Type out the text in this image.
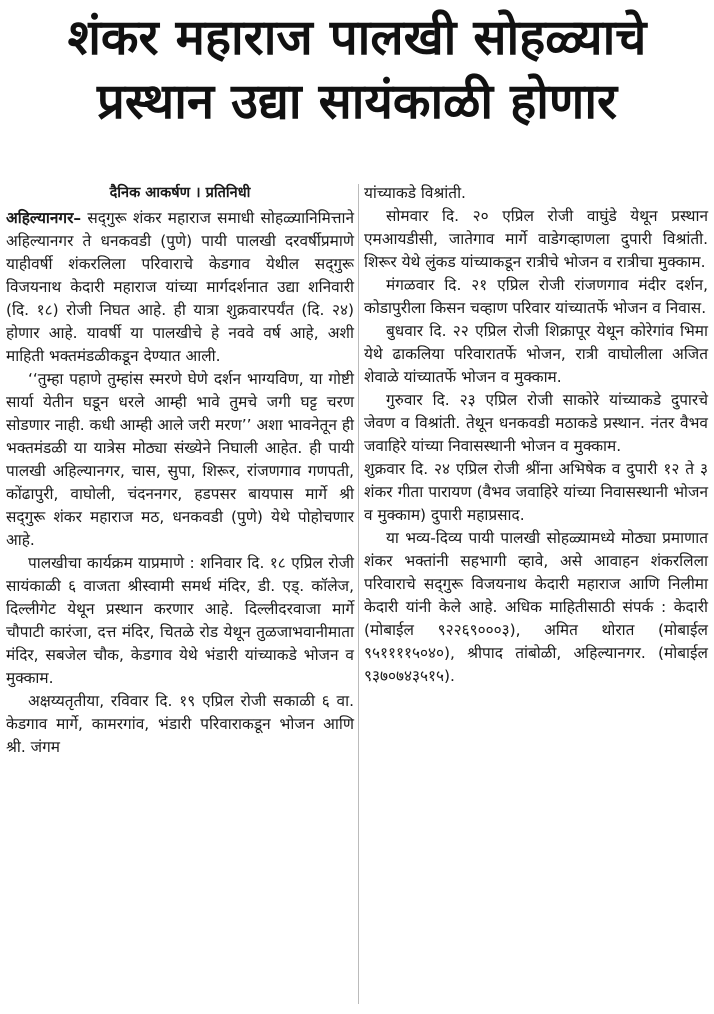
शंकर महाराज पालखी सोहळ्याचे
प्रस्थान उद्या सायंकाळी होणार
दैनिक आकर्षण । प्रतिनिधी

अहिल्यानगर– सद्‌गुरू शंकर महाराज समाधी सोहळ्यानिमित्ताने अहिल्यानगर ते धनकवडी (पुणे) पायी पालखी दरवर्षीप्रमाणे याहीवर्षी शंकरलिला परिवाराचे केडगाव येथील सद्‌गुरू विजयनाथ केदारी महाराज यांच्या मार्गदर्शनात उद्या शनिवारी (दि. १८) रोजी निघत आहे. ही यात्रा शुक्रवारपर्यंत (दि. २४) होणार आहे. यावर्षी या पालखीचे हे नववे वर्ष आहे, अशी माहिती भक्तमंडळीकडून देण्यात आली.

‘‘तुम्हा पहाणे तुम्हांस स्मरणे घेणे दर्शन भाग्यविण, या गोष्टी सार्या येतीन घडून धरले आम्ही भावे तुमचे जगी घट्ट चरण सोडणार नाही. कधी आम्ही आले जरी मरण’’ अशा भावनेतून ही भक्तमंडळी या यात्रेस मोठ्या संख्येने निघाली आहेत. ही पायी पालखी अहिल्यानगर, चास, सुपा, शिरूर, रांजणगाव गणपती, कोंढापुरी, वाघोली, चंदननगर, हडपसर बायपास मार्गे श्री सद्‌गुरू शंकर महाराज मठ, धनकवडी (पुणे) येथे पोहोचणार आहे.

पालखीचा कार्यक्रम याप्रमाणे : शनिवार दि. १८ एप्रिल रोजी सायंकाळी ६ वाजता श्रीस्वामी समर्थ मंदिर, डी. एड्‌. कॉलेज, दिल्लीगेट येथून प्रस्थान करणार आहे. दिल्लीदरवाजा मार्गे चौपाटी कारंजा, दत्त मंदिर, चितळे रोड येथून तुळजाभवानीमाता मंदिर, सबजेल चौक, केडगाव येथे भंडारी यांच्याकडे भोजन व मुक्काम.

अक्षय्यतृतीया, रविवार दि. १९ एप्रिल रोजी सकाळी ६ वा. केडगाव मार्गे, कामरगांव, भंडारी परिवाराकडून भोजन आणि श्री. जंगम

यांच्याकडे विश्रांती.

सोमवार दि. २० एप्रिल रोजी वाघुंडे येथून प्रस्थान एमआयडीसी, जातेगाव मार्गे वाडेगव्हाणला दुपारी विश्रांती. शिरूर येथे लुंकड यांच्याकडून रात्रीचे भोजन व रात्रीचा मुक्काम.

मंगळवार दि. २१ एप्रिल रोजी रांजणगाव मंदीर दर्शन, कोडापुरीला किसन चव्हाण परिवार यांच्यातर्फे भोजन व निवास.

बुधवार दि. २२ एप्रिल रोजी शिक्रापूर येथून कोरेगांव भिमा येथे ढाकलिया परिवारातर्फे भोजन, रात्री वाघोलीला अजित शेवाळे यांच्यातर्फे भोजन व मुक्काम.

गुरुवार दि. २३ एप्रिल रोजी साकोरे यांच्याकडे दुपारचे जेवण व विश्रांती. तेथून धनकवडी मठाकडे प्रस्थान. नंतर वैभव जवाहिरे यांच्या निवासस्थानी भोजन व मुक्काम.

शुक्रवार दि. २४ एप्रिल रोजी श्रींना अभिषेक व दुपारी १२ ते ३ शंकर गीता पारायण (वैभव जवाहिरे यांच्या निवासस्थानी भोजन व मुक्काम) दुपारी महाप्रसाद.

या भव्य-दिव्य पायी पालखी सोहळ्यामध्ये मोठ्या प्रमाणात शंकर भक्तांनी सहभागी व्हावे, असे आवाहन शंकरलिला परिवाराचे सद्‌गुरू विजयनाथ केदारी महाराज आणि निलीमा केदारी यांनी केले आहे. अधिक माहितीसाठी संपर्क : केदारी (मोबाईल ९२२६९०००३), अमित थोरात (मोबाईल ९५११११५०४०), श्रीपाद तांबोळी, अहिल्यानगर. (मोबाईल ९३७०७४३५१५).
